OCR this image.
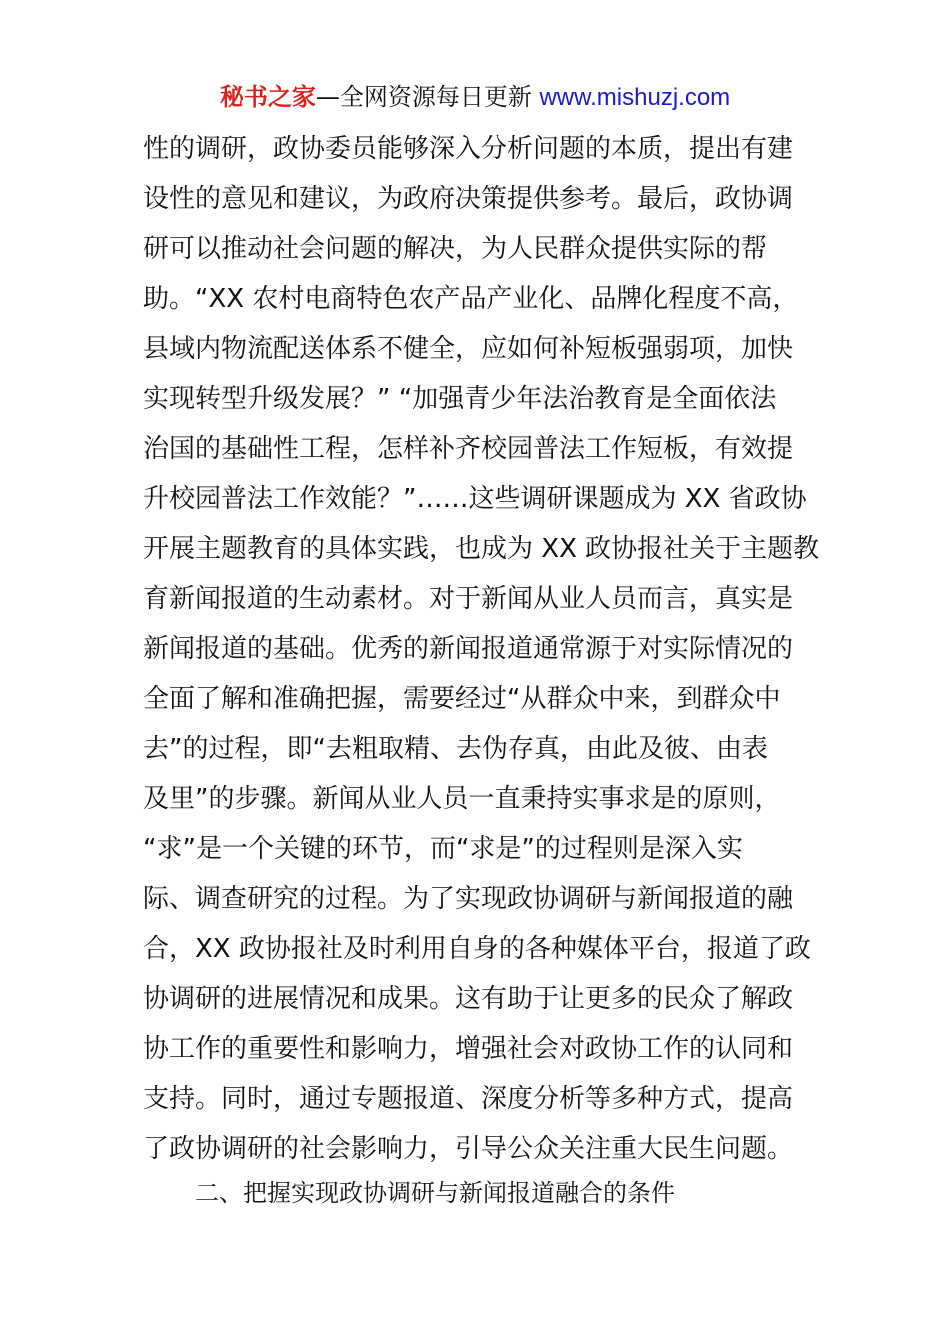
秘书之家—全网资源每日更新 www.mishuzj.com
性的调研，政协委员能够深入分析问题的本质，提出有建
设性的意见和建议，为政府决策提供参考。最后，政协调
研可以推动社会问题的解决，为人民群众提供实际的帮
助。“XX 农村电商特色农产品产业化、品牌化程度不高，
县域内物流配送体系不健全，应如何补短板强弱项，加快
实现转型升级发展？” “加强青少年法治教育是全面依法
治国的基础性工程，怎样补齐校园普法工作短板，有效提
升校园普法工作效能？”……这些调研课题成为 XX 省政协
开展主题教育的具体实践，也成为 XX 政协报社关于主题教
育新闻报道的生动素材。对于新闻从业人员而言，真实是
新闻报道的基础。优秀的新闻报道通常源于对实际情况的
全面了解和准确把握，需要经过“从群众中来，到群众中
去”的过程，即“去粗取精、去伪存真，由此及彼、由表
及里”的步骤。新闻从业人员一直秉持实事求是的原则，
“求”是一个关键的环节，而“求是”的过程则是深入实
际、调查研究的过程。为了实现政协调研与新闻报道的融
合，XX 政协报社及时利用自身的各种媒体平台，报道了政
协调研的进展情况和成果。这有助于让更多的民众了解政
协工作的重要性和影响力，增强社会对政协工作的认同和
支持。同时，通过专题报道、深度分析等多种方式，提高
了政协调研的社会影响力，引导公众关注重大民生问题。
二、把握实现政协调研与新闻报道融合的条件
